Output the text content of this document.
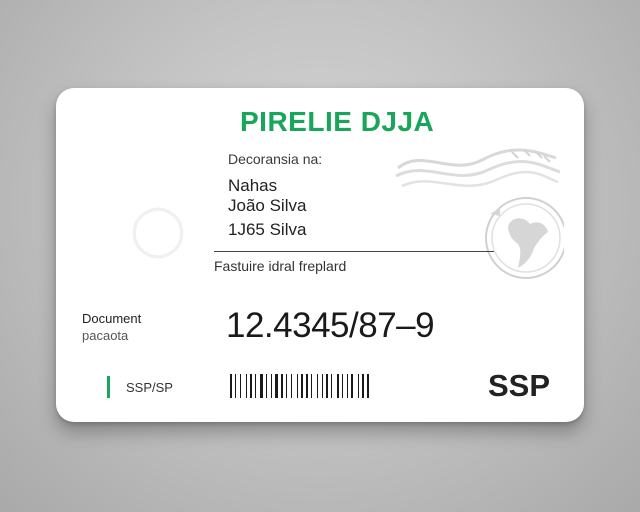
◯
PIRELIE DJJA
Decoransia na:
Nahas
João Silva
1J65 Silva
Fastuire idral freplard
Document
pacaota	12.4345/87–9
SSP/SP	SSP
